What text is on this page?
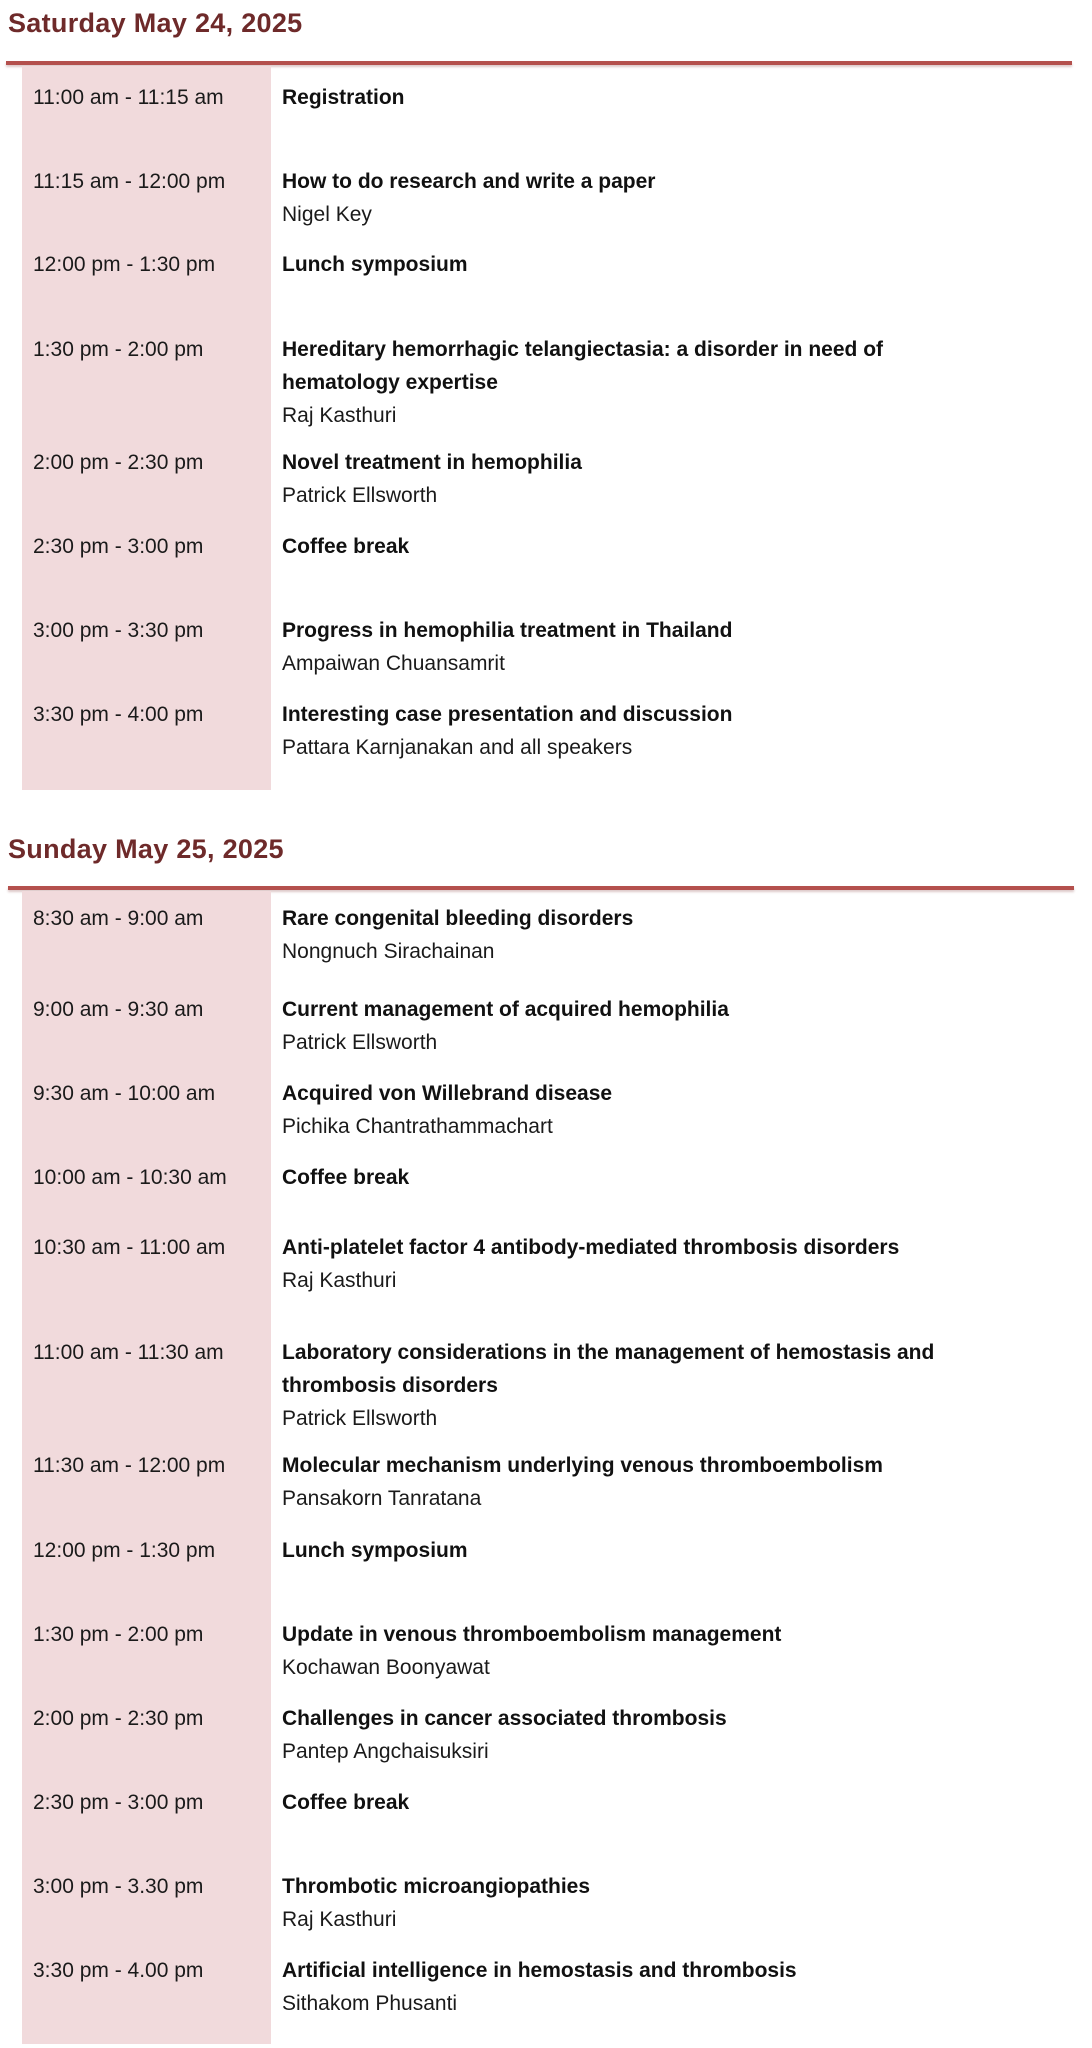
Saturday May 24, 2025
11:00 am - 11:15 am	Registration
11:15 am - 12:00 pm	How to do research and write a paper
Nigel Key
12:00 pm - 1:30 pm	Lunch symposium
1:30 pm - 2:00 pm	Hereditary hemorrhagic telangiectasia: a disorder in need of hematology expertise
Raj Kasthuri
2:00 pm - 2:30 pm	Novel treatment in hemophilia
Patrick Ellsworth
2:30 pm - 3:00 pm	Coffee break
3:00 pm - 3:30 pm	Progress in hemophilia treatment in Thailand
Ampaiwan Chuansamrit
3:30 pm - 4:00 pm	Interesting case presentation and discussion
Pattara Karnjanakan and all speakers
Sunday May 25, 2025
8:30 am - 9:00 am	Rare congenital bleeding disorders
Nongnuch Sirachainan
9:00 am - 9:30 am	Current management of acquired hemophilia
Patrick Ellsworth
9:30 am - 10:00 am	Acquired von Willebrand disease
Pichika Chantrathammachart
10:00 am - 10:30 am	Coffee break
10:30 am - 11:00 am	Anti-platelet factor 4 antibody-mediated thrombosis disorders
Raj Kasthuri
11:00 am - 11:30 am	Laboratory considerations in the management of hemostasis and thrombosis disorders
Patrick Ellsworth
11:30 am - 12:00 pm	Molecular mechanism underlying venous thromboembolism
Pansakorn Tanratana
12:00 pm - 1:30 pm	Lunch symposium
1:30 pm - 2:00 pm	Update in venous thromboembolism management
Kochawan Boonyawat
2:00 pm - 2:30 pm	Challenges in cancer associated thrombosis
Pantep Angchaisuksiri
2:30 pm - 3:00 pm	Coffee break
3:00 pm - 3.30 pm	Thrombotic microangiopathies
Raj Kasthuri
3:30 pm - 4.00 pm	Artificial intelligence in hemostasis and thrombosis
Sithakom Phusanti
